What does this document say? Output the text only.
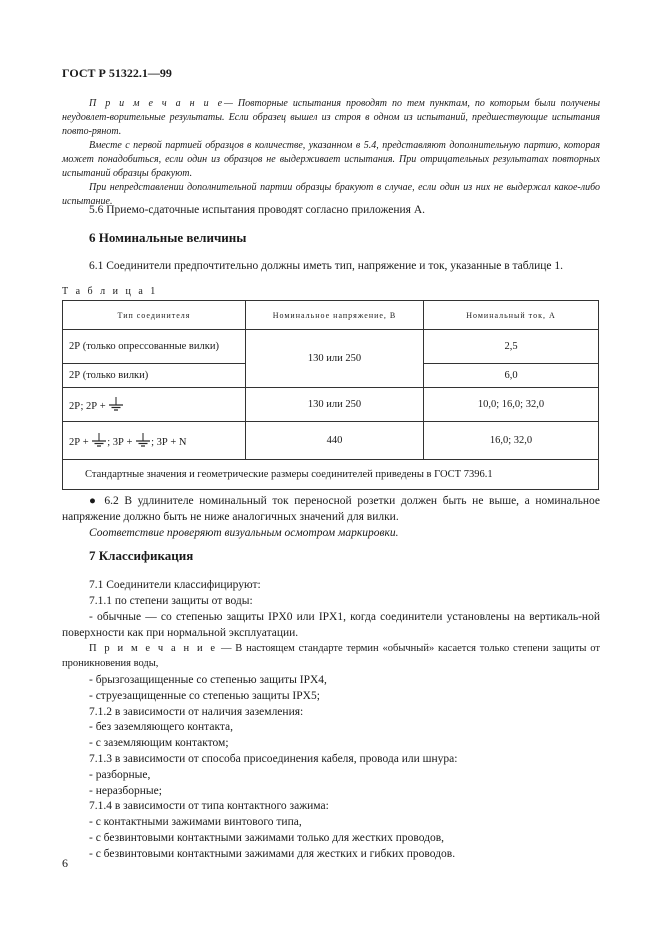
ГОСТ Р 51322.1—99

П р и м е ч а н и е— Повторные испытания проводят по тем пунктам, по которым были получены неудовлет-ворительные результаты. Если образец вышел из строя в одном из испытаний, предшествующие испытания повто-рянот.

Вместе с первой партией образцов в количестве, указанном в 5.4, представляют дополнительную партию, которая может понадобиться, если один из образцов не выдерживает испытания. При отрицательных результатах повторных испытаний образцы бракуют.

При непредставлении дополнительной партии образцы бракуют в случае, если один из них не выдержал какое-либо испытание.

5.6 Приемо-сдаточные испытания проводят согласно приложения А.

6 Номинальные величины

6.1 Соединители предпочтительно должны иметь тип, напряжение и ток, указанные в таблице 1.

Т а б л и ц а 1
Тип соединителя	Номинальное напряжение, В	Номинальный ток, А
2Р (только опрессованные вилки)	130 или 250	2,5
2Р (только вилки)		6,0
2Р; 2Р +	130 или 250	10,0; 16,0; 32,0
2Р + ; 3Р + ; 3Р + N	440	16,0; 32,0
Стандартные значения и геометрические размеры соединителей приведены в ГОСТ 7396.1		

● 6.2 В удлинителе номинальный ток переносной розетки должен быть не выше, а номинальное напряжение должно быть не ниже аналогичных значений для вилки.

Соответствие проверяют визуальным осмотром маркировки.

7 Классификация

7.1 Соединители классифицируют:

7.1.1 по степени защиты от воды:

- обычные — со степенью защиты IPX0 или IPX1, когда соединители установлены на вертикаль-ной поверхности как при нормальной эксплуатации.

П р и м е ч а н и е — В настоящем стандарте термин «обычный» касается только степени защиты от проникновения воды,

- брызгозащищенные со степенью защиты IPX4,

- струезащищенные со степенью защиты IPX5;

7.1.2 в зависимости от наличия заземления:

- без заземляющего контакта,

- с заземляющим контактом;

7.1.3 в зависимости от способа присоединения кабеля, провода или шнура:

- разборные,

- неразборные;

7.1.4 в зависимости от типа контактного зажима:

- с контактными зажимами винтового типа,

- с безвинтовыми контактными зажимами только для жестких проводов,

- с безвинтовыми контактными зажимами для жестких и гибких проводов.

6
